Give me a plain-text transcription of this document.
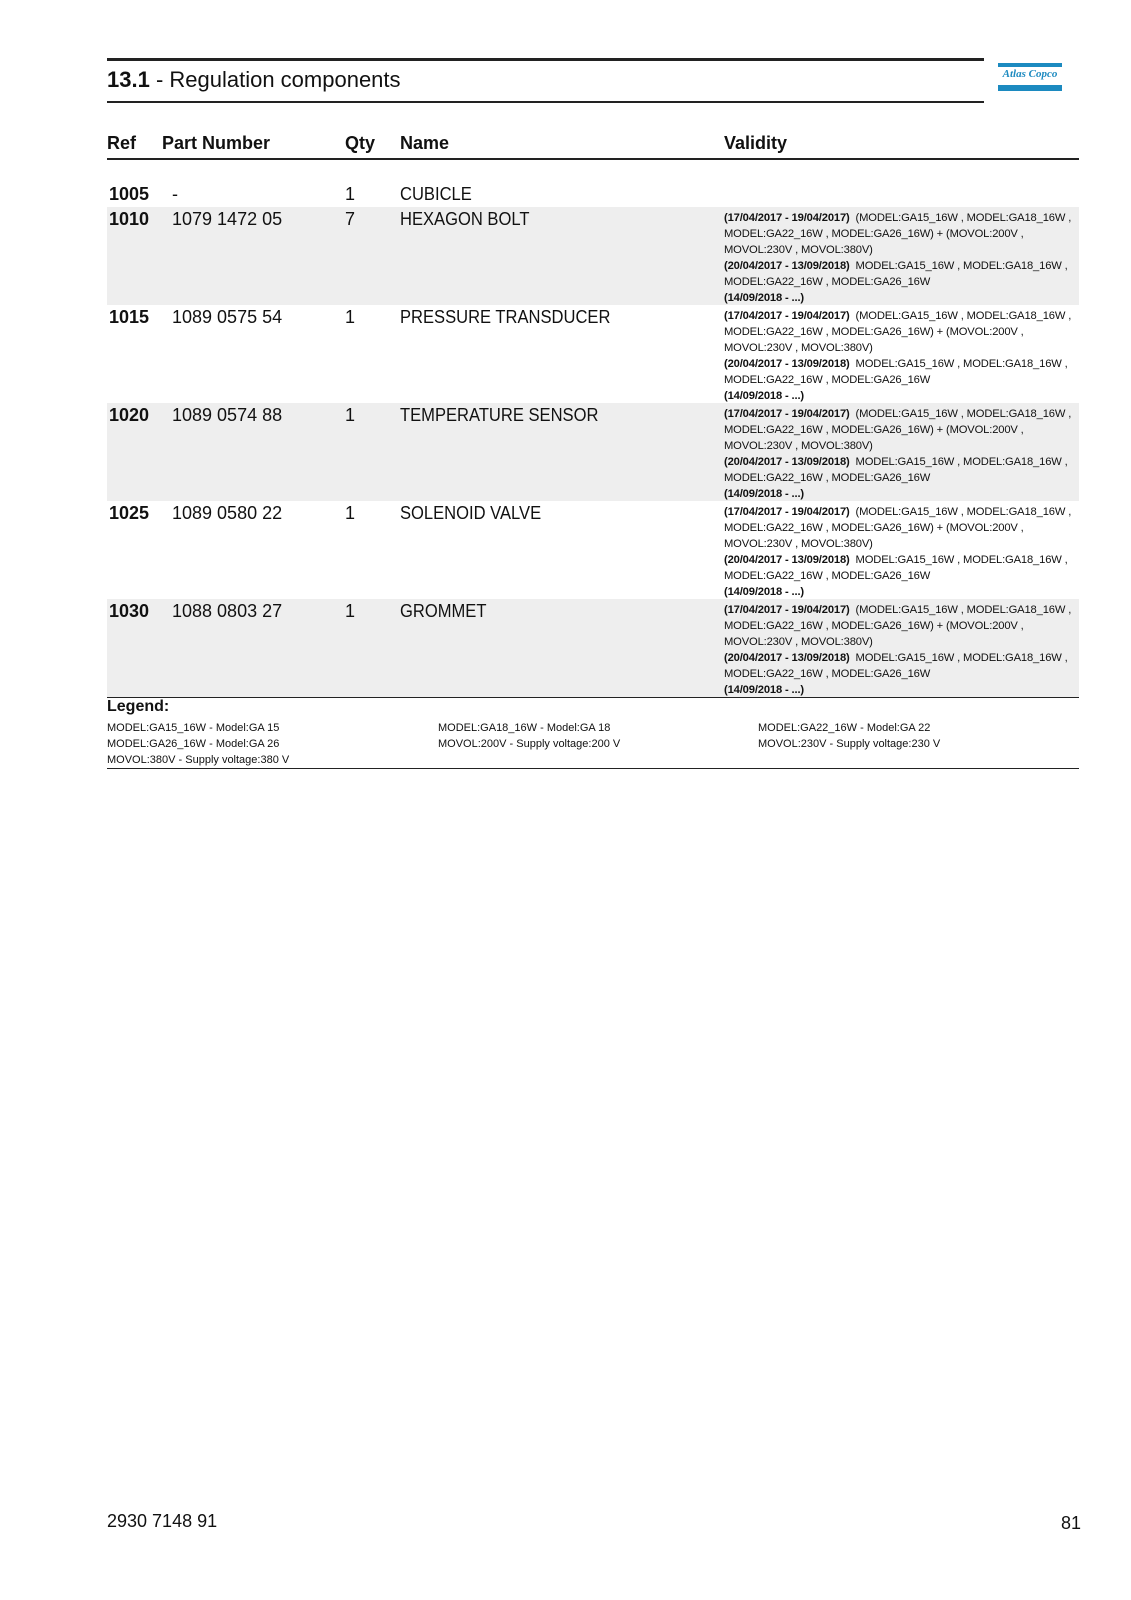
13.1 - Regulation components	Atlas Copco
Ref Part Number	Qty Name	Validity
1005 -	1 CUBICLE
1010 1079 1472 05	7 HEXAGON BOLT	(17/04/2017 - 19/04/2017)  (MODEL:GA15_16W , MODEL:GA18_16W ,
MODEL:GA22_16W , MODEL:GA26_16W) + (MOVOL:200V ,
MOVOL:230V , MOVOL:380V)
(20/04/2017 - 13/09/2018)  MODEL:GA15_16W , MODEL:GA18_16W ,
MODEL:GA22_16W , MODEL:GA26_16W
(14/09/2018 - ...)
1015 1089 0575 54	1 PRESSURE TRANSDUCER	(17/04/2017 - 19/04/2017)  (MODEL:GA15_16W , MODEL:GA18_16W ,
MODEL:GA22_16W , MODEL:GA26_16W) + (MOVOL:200V ,
MOVOL:230V , MOVOL:380V)
(20/04/2017 - 13/09/2018)  MODEL:GA15_16W , MODEL:GA18_16W ,
MODEL:GA22_16W , MODEL:GA26_16W
(14/09/2018 - ...)
1020 1089 0574 88	1 TEMPERATURE SENSOR	(17/04/2017 - 19/04/2017)  (MODEL:GA15_16W , MODEL:GA18_16W ,
MODEL:GA22_16W , MODEL:GA26_16W) + (MOVOL:200V ,
MOVOL:230V , MOVOL:380V)
(20/04/2017 - 13/09/2018)  MODEL:GA15_16W , MODEL:GA18_16W ,
MODEL:GA22_16W , MODEL:GA26_16W
(14/09/2018 - ...)
1025 1089 0580 22	1 SOLENOID VALVE	(17/04/2017 - 19/04/2017)  (MODEL:GA15_16W , MODEL:GA18_16W ,
MODEL:GA22_16W , MODEL:GA26_16W) + (MOVOL:200V ,
MOVOL:230V , MOVOL:380V)
(20/04/2017 - 13/09/2018)  MODEL:GA15_16W , MODEL:GA18_16W ,
MODEL:GA22_16W , MODEL:GA26_16W
(14/09/2018 - ...)
1030 1088 0803 27	1 GROMMET	(17/04/2017 - 19/04/2017)  (MODEL:GA15_16W , MODEL:GA18_16W ,
MODEL:GA22_16W , MODEL:GA26_16W) + (MOVOL:200V ,
MOVOL:230V , MOVOL:380V)
(20/04/2017 - 13/09/2018)  MODEL:GA15_16W , MODEL:GA18_16W ,
MODEL:GA22_16W , MODEL:GA26_16W
(14/09/2018 - ...)
Legend:
MODEL:GA15_16W - Model:GA 15	MODEL:GA18_16W - Model:GA 18	MODEL:GA22_16W - Model:GA 22
MODEL:GA26_16W - Model:GA 26	MOVOL:200V - Supply voltage:200 V	MOVOL:230V - Supply voltage:230 V
MOVOL:380V - Supply voltage:380 V
2930 7148 91	81
